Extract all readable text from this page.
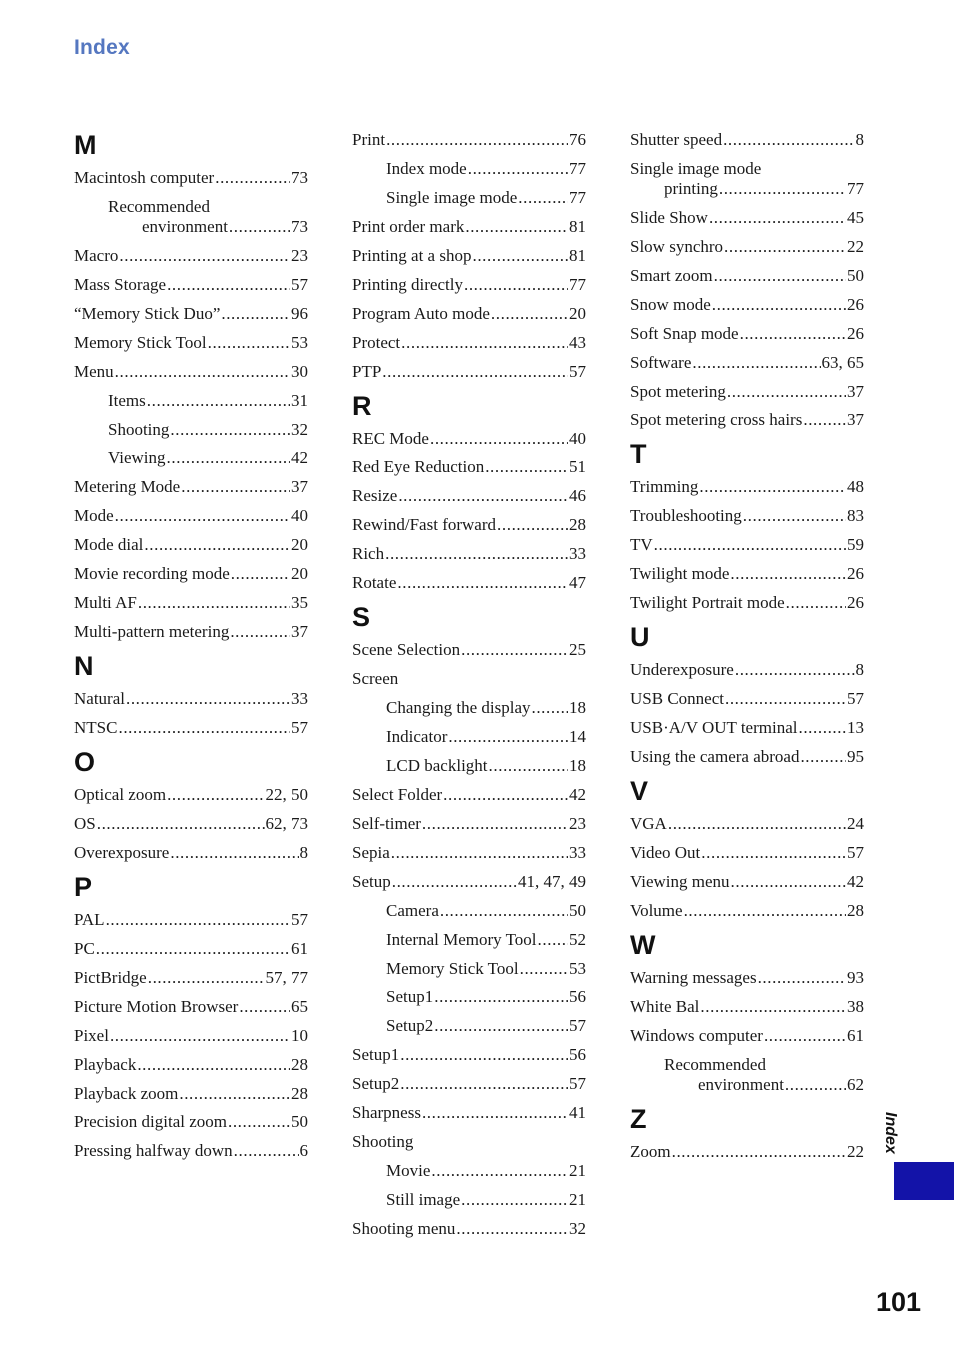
Index
M
Macintosh computer .....	73
Recommended
environment .....	73
Macro .....	23
Mass Storage .....	57
“Memory Stick Duo” .....	96
Memory Stick Tool .....	53
Menu .....	30
Items .....	31
Shooting .....	32
Viewing .....	42
Metering Mode .....	37
Mode .....	40
Mode dial .....	20
Movie recording mode .....	20
Multi AF .....	35
Multi-pattern metering .....	37
N
Natural .....	33
NTSC .....	57
O
Optical zoom .....	22, 50
OS .....	62, 73
Overexposure .....	8
P
PAL .....	57
PC .....	61
PictBridge .....	57, 77
Picture Motion Browser .....	65
Pixel .....	10
Playback .....	28
Playback zoom .....	28
Precision digital zoom .....	50
Pressing halfway down .....	6
Print .....	76
Index mode .....	77
Single image mode .....	77
Print order mark .....	81
Printing at a shop .....	81
Printing directly .....	77
Program Auto mode .....	20
Protect .....	43
PTP .....	57
R
REC Mode .....	40
Red Eye Reduction .....	51
Resize .....	46
Rewind/Fast forward .....	28
Rich .....	33
Rotate .....	47
S
Scene Selection .....	25
Screen
Changing the display ..... 18
Indicator .....	14
LCD backlight .....	18
Select Folder .....	42
Self-timer .....	23
Sepia .....	33
Setup .....	41, 47, 49
Camera .....	50
Internal Memory Tool ..... 52
Memory Stick Tool .....	53
Setup1 .....	56
Setup2 .....	57
Setup1 .....	56
Setup2 .....	57
Sharpness .....	41
Shooting
Movie .....	21
Still image .....	21
Shooting menu .....	32
Shutter speed .....	8
Single image mode
printing .....	77
Slide Show .....	45
Slow synchro .....	22
Smart zoom .....	50
Snow mode .....	26
Soft Snap mode .....	26
Software .....	63, 65
Spot metering .....	37
Spot metering cross hairs .....	37
T
Trimming .....	48
Troubleshooting .....	83
TV .....	59
Twilight mode .....	26
Twilight Portrait mode .....	26
U
Underexposure .....	8
USB Connect .....	57
USB·A/V OUT terminal .....	13
Using the camera abroad .....	95
V
VGA .....	24
Video Out .....	57
Viewing menu .....	42
Volume .....	28
W
Warning messages .....	93
White Bal .....	38
Windows computer .....	61
Recommended
environment .....	62
Z
Zoom .....	22 Index
101
